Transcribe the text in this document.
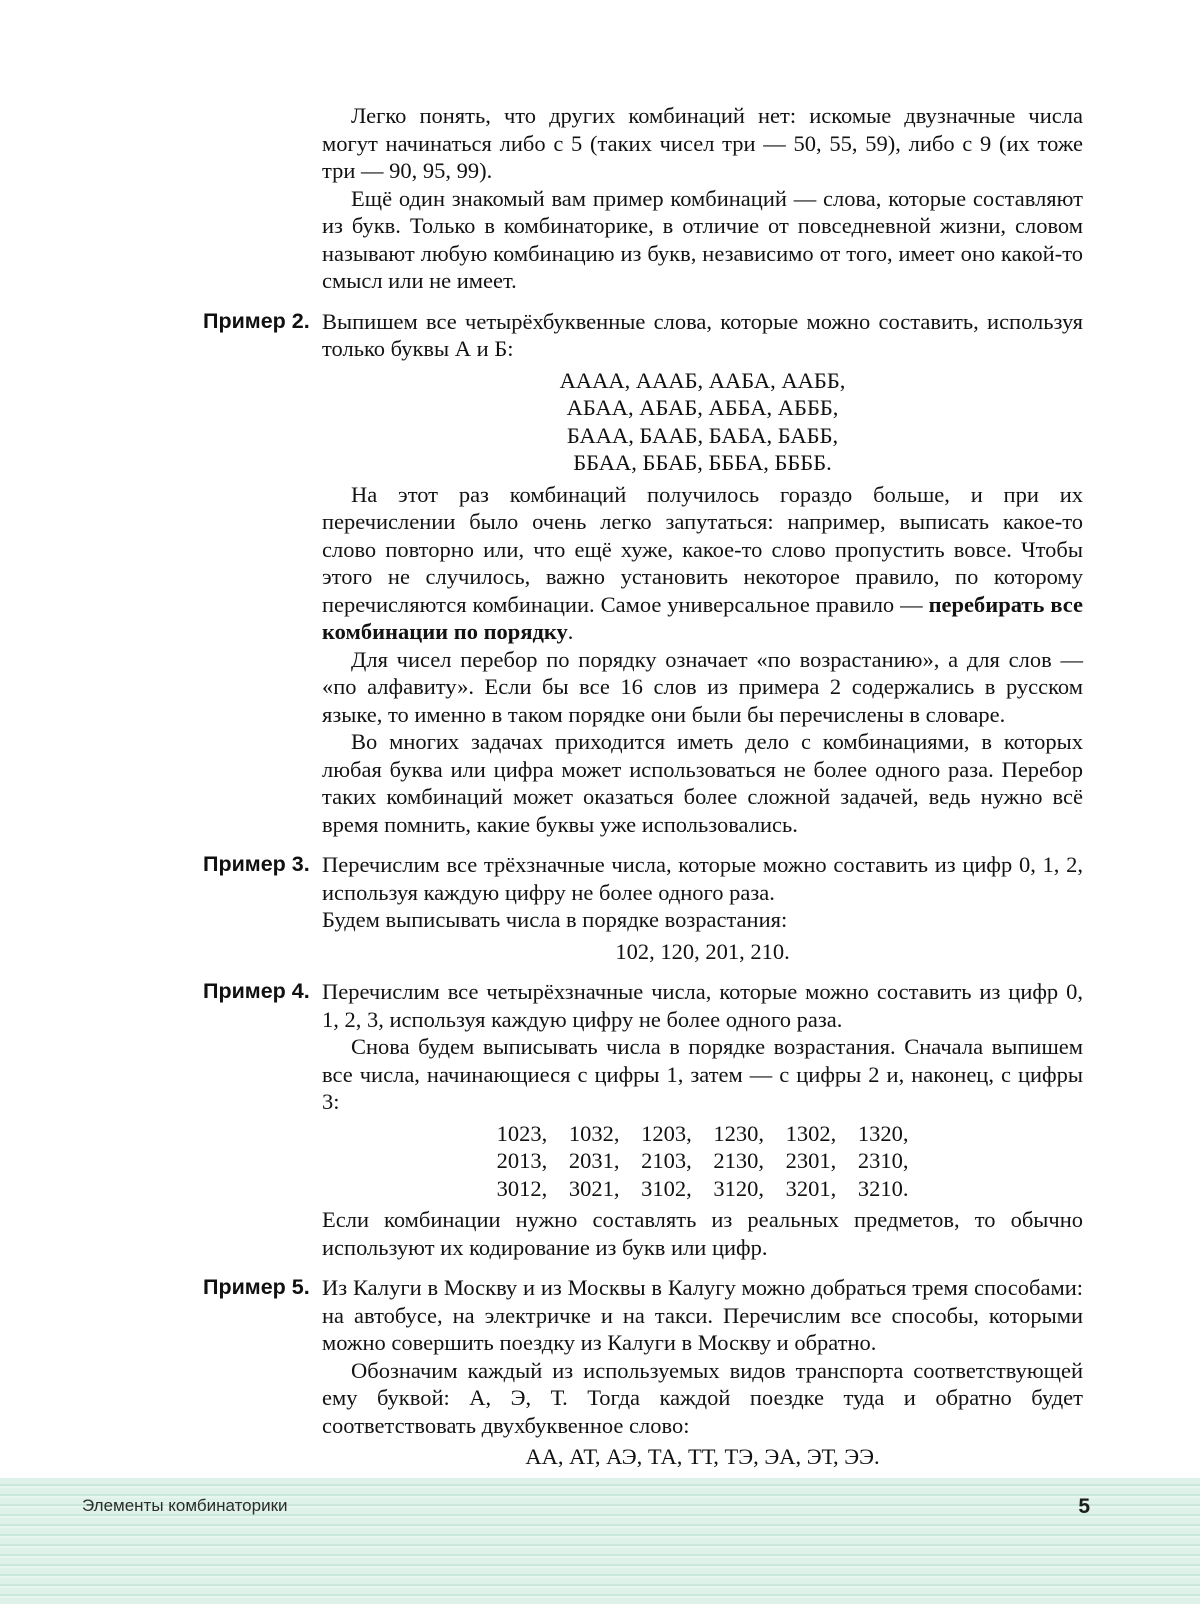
Легко понять, что других комбинаций нет: искомые двузначные числа могут начинаться либо с 5 (таких чисел три — 50, 55, 59), либо с 9 (их тоже три — 90, 95, 99).

Ещё один знакомый вам пример комбинаций — слова, которые составляют из букв. Только в комбинаторике, в отличие от повседневной жизни, словом называют любую комбинацию из букв, независимо от того, имеет оно какой-то смысл или не имеет.

Пример 2. Выпишем все четырёхбуквенные слова, которые можно составить, используя только буквы А и Б:

АААА, АААБ, ААБА, ААББ,
АБАА, АБАБ, АББА, АБББ,
БААА, БААБ, БАБА, БАББ,
ББАА, ББАБ, БББА, ББББ.

На этот раз комбинаций получилось гораздо больше, и при их перечислении было очень легко запутаться: например, выписать какое-то слово повторно или, что ещё хуже, какое-то слово пропустить вовсе. Чтобы этого не случилось, важно установить некоторое правило, по которому перечисляются комбинации. Самое универсальное правило — перебирать все комбинации по порядку.

Для чисел перебор по порядку означает «по возрастанию», а для слов — «по алфавиту». Если бы все 16 слов из примера 2 содержались в русском языке, то именно в таком порядке они были бы перечислены в словаре.

Во многих задачах приходится иметь дело с комбинациями, в которых любая буква или цифра может использоваться не более одного раза. Перебор таких комбинаций может оказаться более сложной задачей, ведь нужно всё время помнить, какие буквы уже использовались.

Пример 3. Перечислим все трёхзначные числа, которые можно составить из цифр 0, 1, 2, используя каждую цифру не более одного раза.

Будем выписывать числа в порядке возрастания:

102, 120, 201, 210.
Пример 4. Перечислим все четырёхзначные числа, которые можно составить из цифр 0, 1, 2, 3, используя каждую цифру не более одного раза.

Снова будем выписывать числа в порядке возрастания. Сначала выпишем все числа, начинающиеся с цифры 1, затем — с цифры 2 и, наконец, с цифры 3:

1023, 1032, 1203, 1230, 1302, 1320,
2013, 2031, 2103, 2130, 2301, 2310,
3012, 3021, 3102, 3120, 3201, 3210.

Если комбинации нужно составлять из реальных предметов, то обычно используют их кодирование из букв или цифр.

Пример 5. Из Калуги в Москву и из Москвы в Калугу можно добраться тремя способами: на автобусе, на электричке и на такси. Перечислим все способы, которыми можно совершить поездку из Калуги в Москву и обратно.

Обозначим каждый из используемых видов транспорта соответствующей ему буквой: А, Э, Т. Тогда каждой поездке туда и обратно будет соответствовать двухбуквенное слово:

АА, АТ, АЭ, ТА, ТТ, ТЭ, ЭА, ЭТ, ЭЭ.
Элементы комбинаторики	5
